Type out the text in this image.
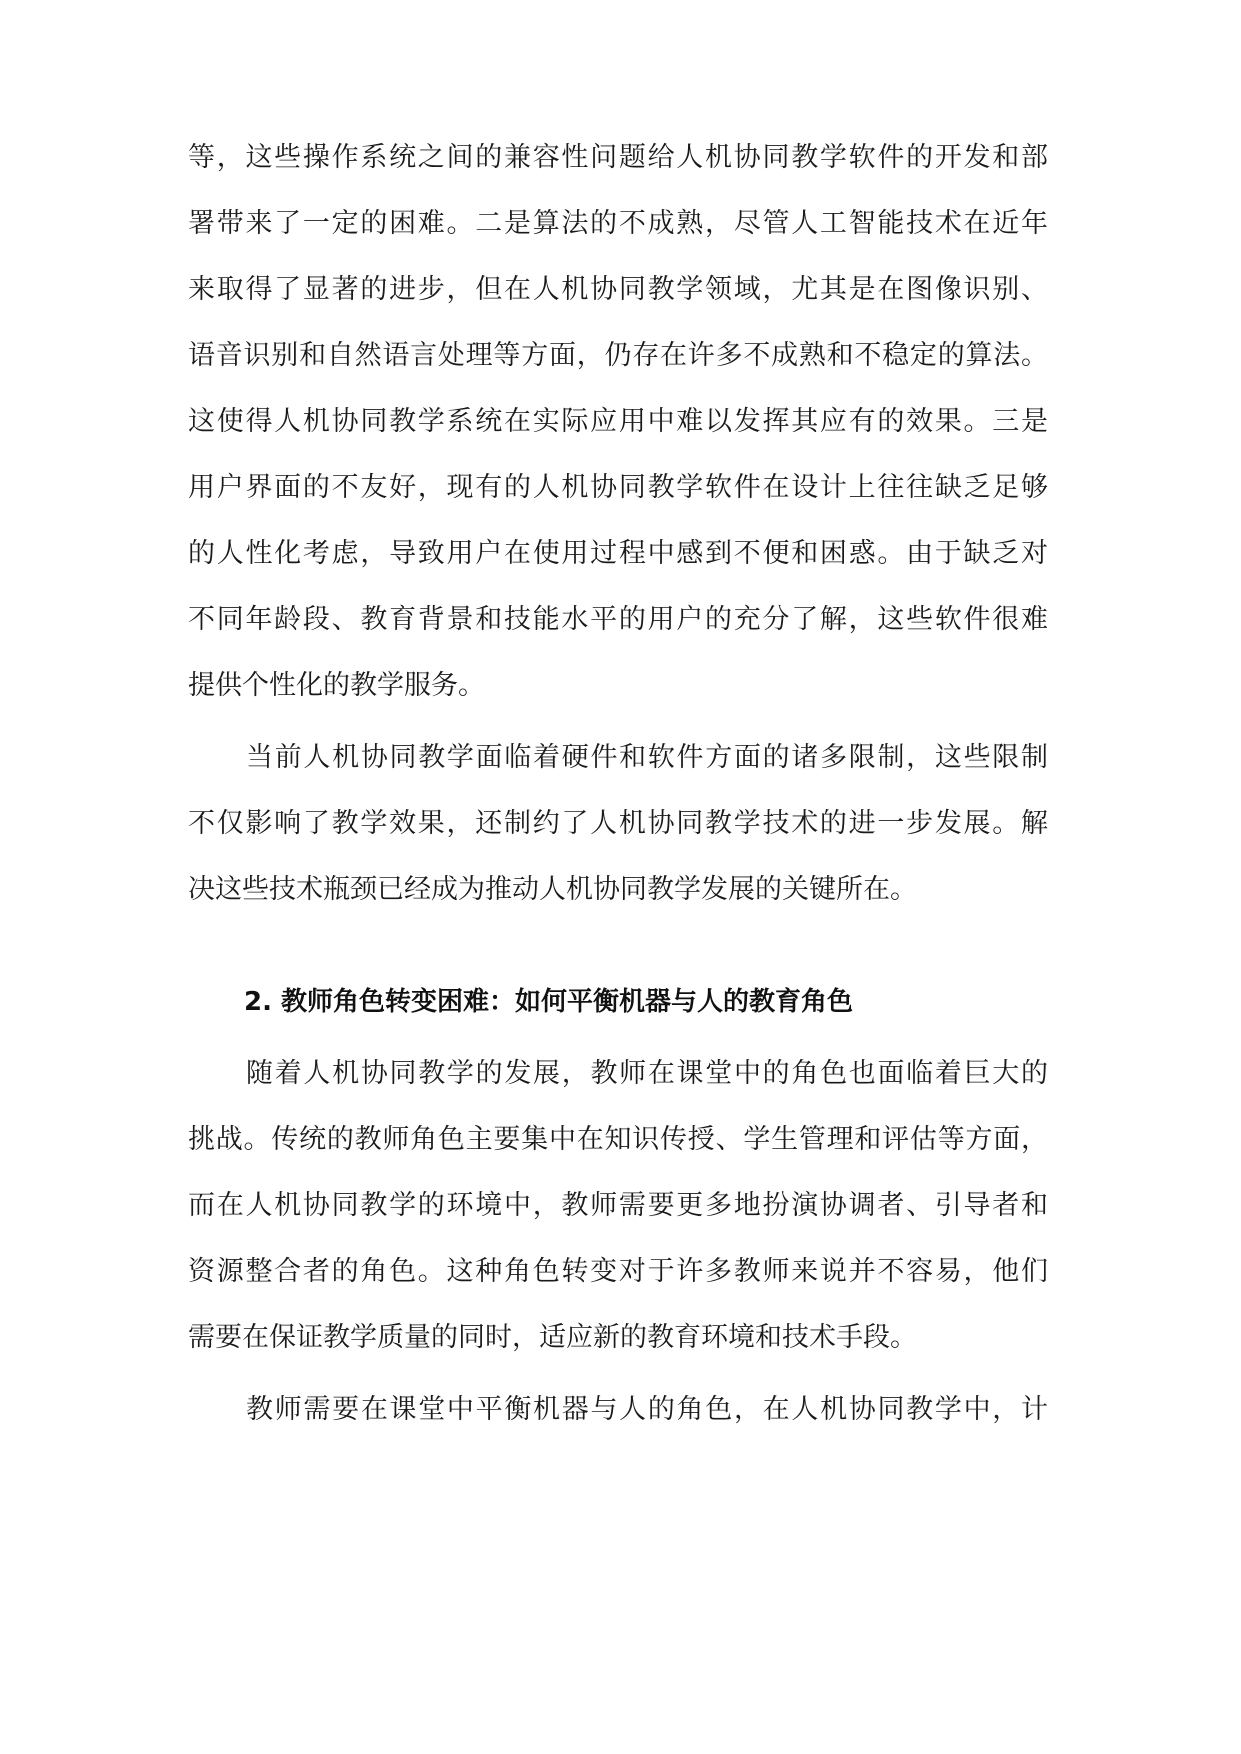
等，这些操作系统之间的兼容性问题给人机协同教学软件的开发和部
署带来了一定的困难。二是算法的不成熟，尽管人工智能技术在近年
来取得了显著的进步，但在人机协同教学领域，尤其是在图像识别、
语音识别和自然语言处理等方面，仍存在许多不成熟和不稳定的算法。
这使得人机协同教学系统在实际应用中难以发挥其应有的效果。三是
用户界面的不友好，现有的人机协同教学软件在设计上往往缺乏足够
的人性化考虑，导致用户在使用过程中感到不便和困惑。由于缺乏对
不同年龄段、教育背景和技能水平的用户的充分了解，这些软件很难
提供个性化的教学服务。
当前人机协同教学面临着硬件和软件方面的诸多限制，这些限制
不仅影响了教学效果，还制约了人机协同教学技术的进一步发展。解
决这些技术瓶颈已经成为推动人机协同教学发展的关键所在。
2. 教师角色转变困难：如何平衡机器与人的教育角色
随着人机协同教学的发展，教师在课堂中的角色也面临着巨大的
挑战。传统的教师角色主要集中在知识传授、学生管理和评估等方面，
而在人机协同教学的环境中，教师需要更多地扮演协调者、引导者和
资源整合者的角色。这种角色转变对于许多教师来说并不容易，他们
需要在保证教学质量的同时，适应新的教育环境和技术手段。
教师需要在课堂中平衡机器与人的角色，在人机协同教学中，计
